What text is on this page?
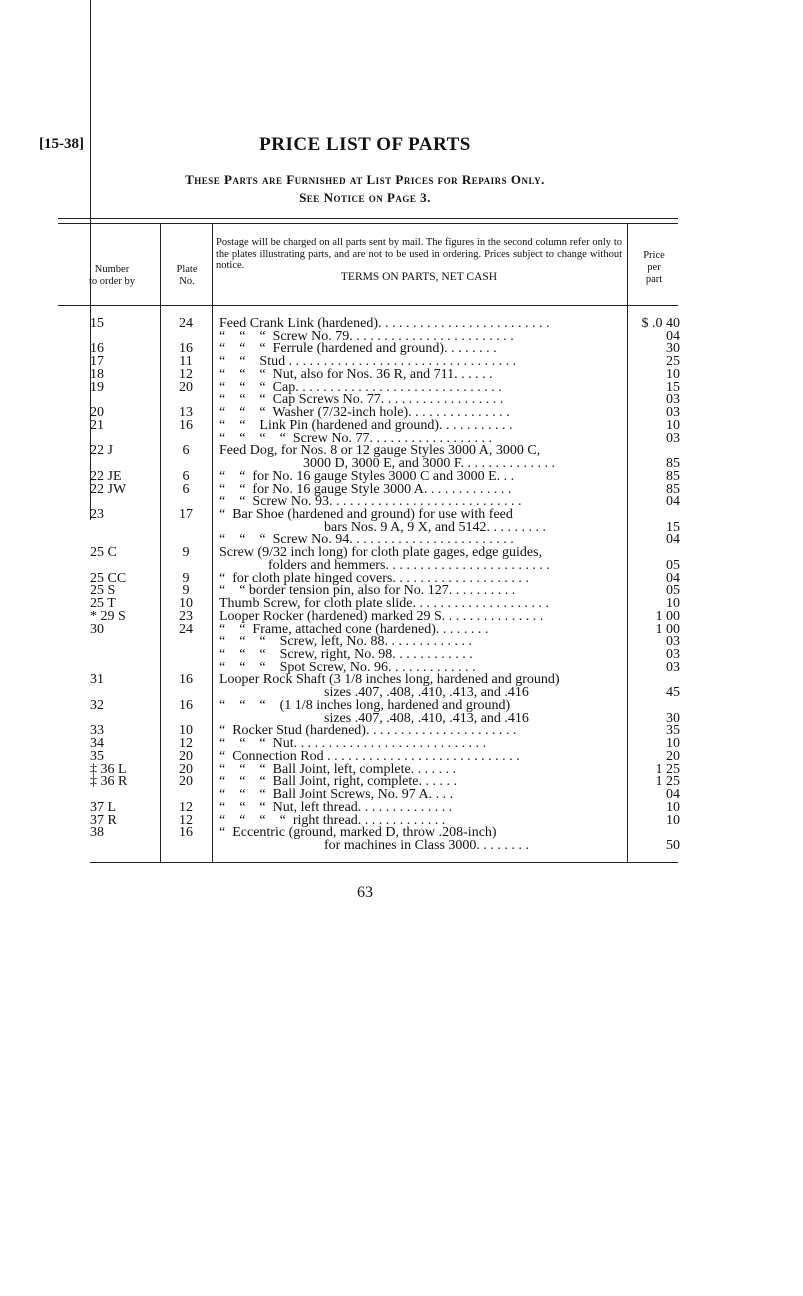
[15-38]	PRICE LIST OF PARTS
These Parts are Furnished at List Prices for Repairs Only.
See Notice on Page 3.
Number
to order by
Plate
No.
Postage will be charged on all parts sent by mail. The figures in the second column refer only to the plates illustrating parts, and are not to be used in ordering. Prices subject to change without notice.
TERMS ON PARTS, NET CASH
Price
per
part
15	24	Feed Crank Link (hardened). . . . . . . . . . . . . . . . . . . . . . . . .	$ .0 40
“    “    “  Screw No. 79. . . . . . . . . . . . . . . . . . . . . . . .	04
16	16	“    “    “  Ferrule (hardened and ground). . . . . . . .	30
17	11	“    “    Stud . . . . . . . . . . . . . . . . . . . . . . . . . . . . . . . . .	25
18	12	“    “    “  Nut, also for Nos. 36 R, and 711. . . . . .	10
19	20	“    “    “  Cap. . . . . . . . . . . . . . . . . . . . . . . . . . . . . .	15
“    “    “  Cap Screws No. 77. . . . . . . . . . . . . . . . . .	03
20	13	“    “    “  Washer (7/32-inch hole). . . . . . . . . . . . . . .	03
21	16	“    “    Link Pin (hardened and ground). . . . . . . . . . .	10
“    “    “    “  Screw No. 77. . . . . . . . . . . . . . . . . .	03
22 J	6	Feed Dog, for Nos. 8 or 12 gauge Styles 3000 A, 3000 C,
3000 D, 3000 E, and 3000 F. . . . . . . . . . . . . .	85
22 JE	6	“    “  for No. 16 gauge Styles 3000 C and 3000 E. . .	85
22 JW	6	“    “  for No. 16 gauge Style 3000 A. . . . . . . . . . . . .	85
“    “  Screw No. 93. . . . . . . . . . . . . . . . . . . . . . . . . . . .	04
23	17	“  Bar Shoe (hardened and ground) for use with feed
bars Nos. 9 A, 9 X, and 5142. . . . . . . . .	15
“    “    “  Screw No. 94. . . . . . . . . . . . . . . . . . . . . . . .	04
25 C	9	Screw (9/32 inch long) for cloth plate gages, edge guides,
folders and hemmers. . . . . . . . . . . . . . . . . . . . . . . .	05
25 CC	9	“  for cloth plate hinged covers. . . . . . . . . . . . . . . . . . . .	04
25 S	9	“    “ border tension pin, also for No. 127. . . . . . . . . .	05
25 T	10	Thumb Screw, for cloth plate slide. . . . . . . . . . . . . . . . . . . .	10
* 29 S	23	Looper Rocker (hardened) marked 29 S. . . . . . . . . . . . . . .	1 00
30	24	“    “  Frame, attached cone (hardened). . . . . . . .	1 00
“    “    “    Screw, left, No. 88. . . . . . . . . . . . .	03
“    “    “    Screw, right, No. 98. . . . . . . . . . . .	03
“    “    “    Spot Screw, No. 96. . . . . . . . . . . . .	03
31	16	Looper Rock Shaft (3 1/8 inches long, hardened and ground)
sizes .407, .408, .410, .413, and .416	45
32	16	“    “    “    (1 1/8 inches long, hardened and ground)
sizes .407, .408, .410, .413, and .416	30
33	10	“  Rocker Stud (hardened). . . . . . . . . . . . . . . . . . . . . .	35
34	12	“    “    “  Nut. . . . . . . . . . . . . . . . . . . . . . . . . . . .	10
35	20	“  Connection Rod . . . . . . . . . . . . . . . . . . . . . . . . . . . .	20
‡ 36 L	20	“    “    “  Ball Joint, left, complete. . . . . . .	1 25
‡ 36 R	20	“    “    “  Ball Joint, right, complete. . . . . .	1 25
“    “    “  Ball Joint Screws, No. 97 A. . . .	04
37 L	12	“    “    “  Nut, left thread. . . . . . . . . . . . . .	10
37 R	12	“    “    “    “  right thread. . . . . . . . . . . . .	10
38	16	“  Eccentric (ground, marked D, throw .208-inch)
for machines in Class 3000. . . . . . . .	50
63
